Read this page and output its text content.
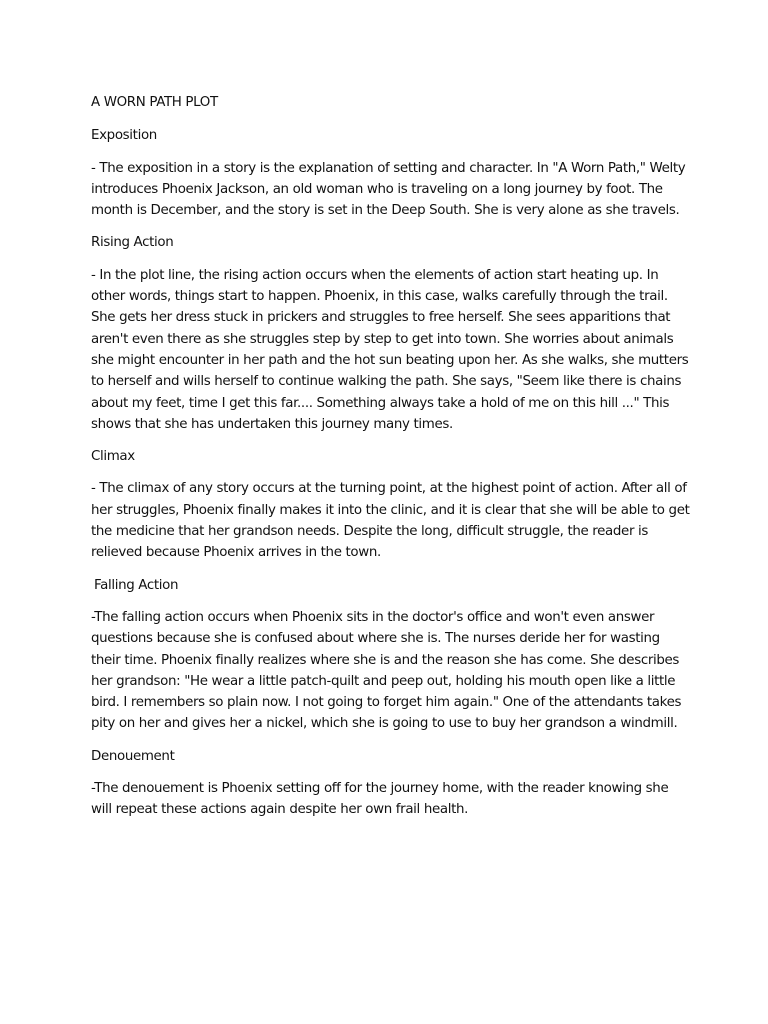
A WORN PATH PLOT

Exposition

- The exposition in a story is the explanation of setting and character. In "A Worn Path," Welty introduces Phoenix Jackson, an old woman who is traveling on a long journey by foot. The month is December, and the story is set in the Deep South. She is very alone as she travels.

Rising Action

- In the plot line, the rising action occurs when the elements of action start heating up. In other words, things start to happen. Phoenix, in this case, walks carefully through the trail. She gets her dress stuck in prickers and struggles to free herself. She sees apparitions that aren't even there as she struggles step by step to get into town. She worries about animals she might encounter in her path and the hot sun beating upon her. As she walks, she mutters to herself and wills herself to continue walking the path. She says, "Seem like there is chains about my feet, time I get this far.... Something always take a hold of me on this hill ..." This shows that she has undertaken this journey many times.

Climax

- The climax of any story occurs at the turning point, at the highest point of action. After all of her struggles, Phoenix finally makes it into the clinic, and it is clear that she will be able to get the medicine that her grandson needs. Despite the long, difficult struggle, the reader is relieved because Phoenix arrives in the town.

Falling Action

-The falling action occurs when Phoenix sits in the doctor's office and won't even answer questions because she is confused about where she is. The nurses deride her for wasting their time. Phoenix finally realizes where she is and the reason she has come. She describes her grandson: "He wear a little patch-quilt and peep out, holding his mouth open like a little bird. I remembers so plain now. I not going to forget him again." One of the attendants takes pity on her and gives her a nickel, which she is going to use to buy her grandson a windmill.

Denouement

-The denouement is Phoenix setting off for the journey home, with the reader knowing she will repeat these actions again despite her own frail health.
